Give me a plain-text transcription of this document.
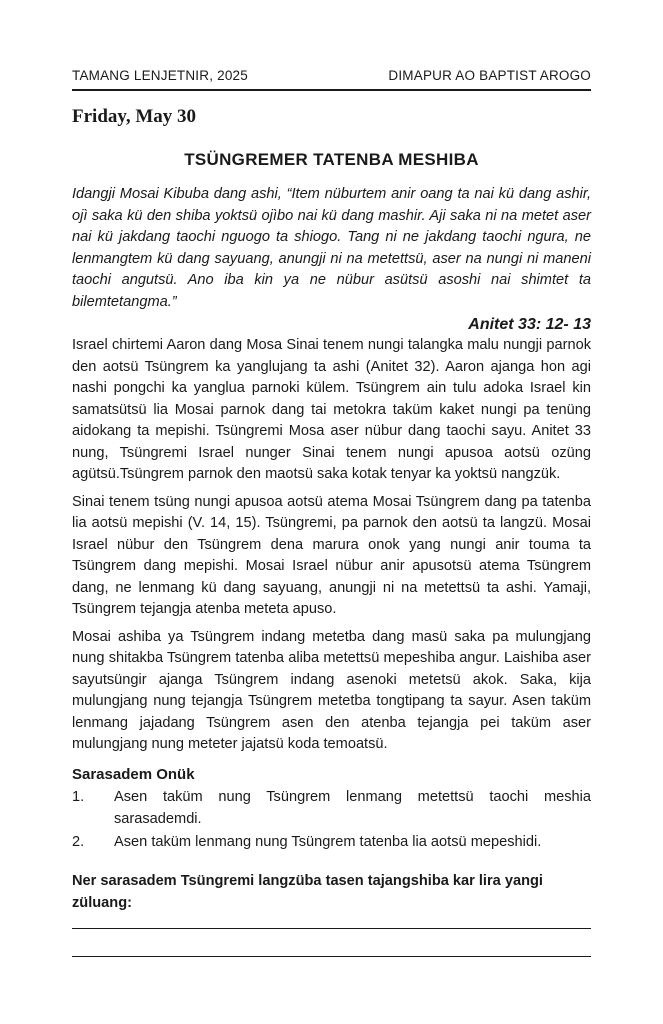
TAMANG LENJETNIR, 2025	DIMAPUR AO BAPTIST AROGO
Friday, May 30
TSÜNGREMER TATENBA MESHIBA

Idangji Mosai Kibuba dang ashi, “Item nüburtem anir oang ta nai kü dang ashir, ojì saka kü den shiba yoktsü ojìbo nai kü dang mashir. Aji saka ni na metet aser nai kü jakdang taochi nguogo ta shiogo. Tang ni ne jakdang taochi ngura, ne lenmangtem kü dang sayuang, anungji ni na metettsü, aser na nungi ni maneni taochi angutsü. Ano iba kin ya ne nübur asütsü asoshi nai shimtet ta bilemtetangma.”

Anitet 33: 12- 13

Israel chirtemi Aaron dang Mosa Sinai tenem nungi talangka malu nungji parnok den aotsü Tsüngrem ka yanglujang ta ashi (Anitet 32). Aaron ajanga hon agi nashi pongchi ka yanglua parnoki külem. Tsüngrem ain tulu adoka Israel kin samatsütsü lia Mosai parnok dang tai metokra taküm kaket nungi pa tenüng aidokang ta mepishi. Tsüngremi Mosa aser nübur dang taochi sayu. Anitet 33 nung, Tsüngremi Israel nunger Sinai tenem nungi apusoa aotsü ozüng agütsü.Tsüngrem parnok den maotsü saka kotak tenyar ka yoktsü nangzük.

Sinai tenem tsüng nungi apusoa aotsü atema Mosai Tsüngrem dang pa tatenba lia aotsü mepishi (V. 14, 15). Tsüngremi, pa parnok den aotsü ta langzü. Mosai Israel nübur den Tsüngrem dena marura onok yang nungi anir touma ta Tsüngrem dang mepishi. Mosai Israel nübur anir apusotsü atema Tsüngrem dang, ne lenmang kü dang sayuang, anungji ni na metettsü ta ashi. Yamaji, Tsüngrem tejangja atenba meteta apuso.

Mosai ashiba ya Tsüngrem indang metetba dang masü saka pa mulungjang nung shitakba Tsüngrem tatenba aliba metettsü mepeshiba angur. Laishiba aser sayutsüngir ajanga Tsüngrem indang asenoki metetsü akok. Saka, kija mulungjang nung tejangja Tsüngrem metetba tongtipang ta sayur. Asen taküm lenmang jajadang Tsüngrem asen den atenba tejangja pei taküm aser mulungjang nung meteter jajatsü koda temoatsü.

Sarasadem Onük
1.	Asen taküm nung Tsüngrem lenmang metettsü taochi meshia sarasademdi.
2.	Asen taküm lenmang nung Tsüngrem tatenba lia aotsü mepeshidi.
Ner sarasadem Tsüngremi langzüba tasen tajangshiba kar lira yangi züluang:
